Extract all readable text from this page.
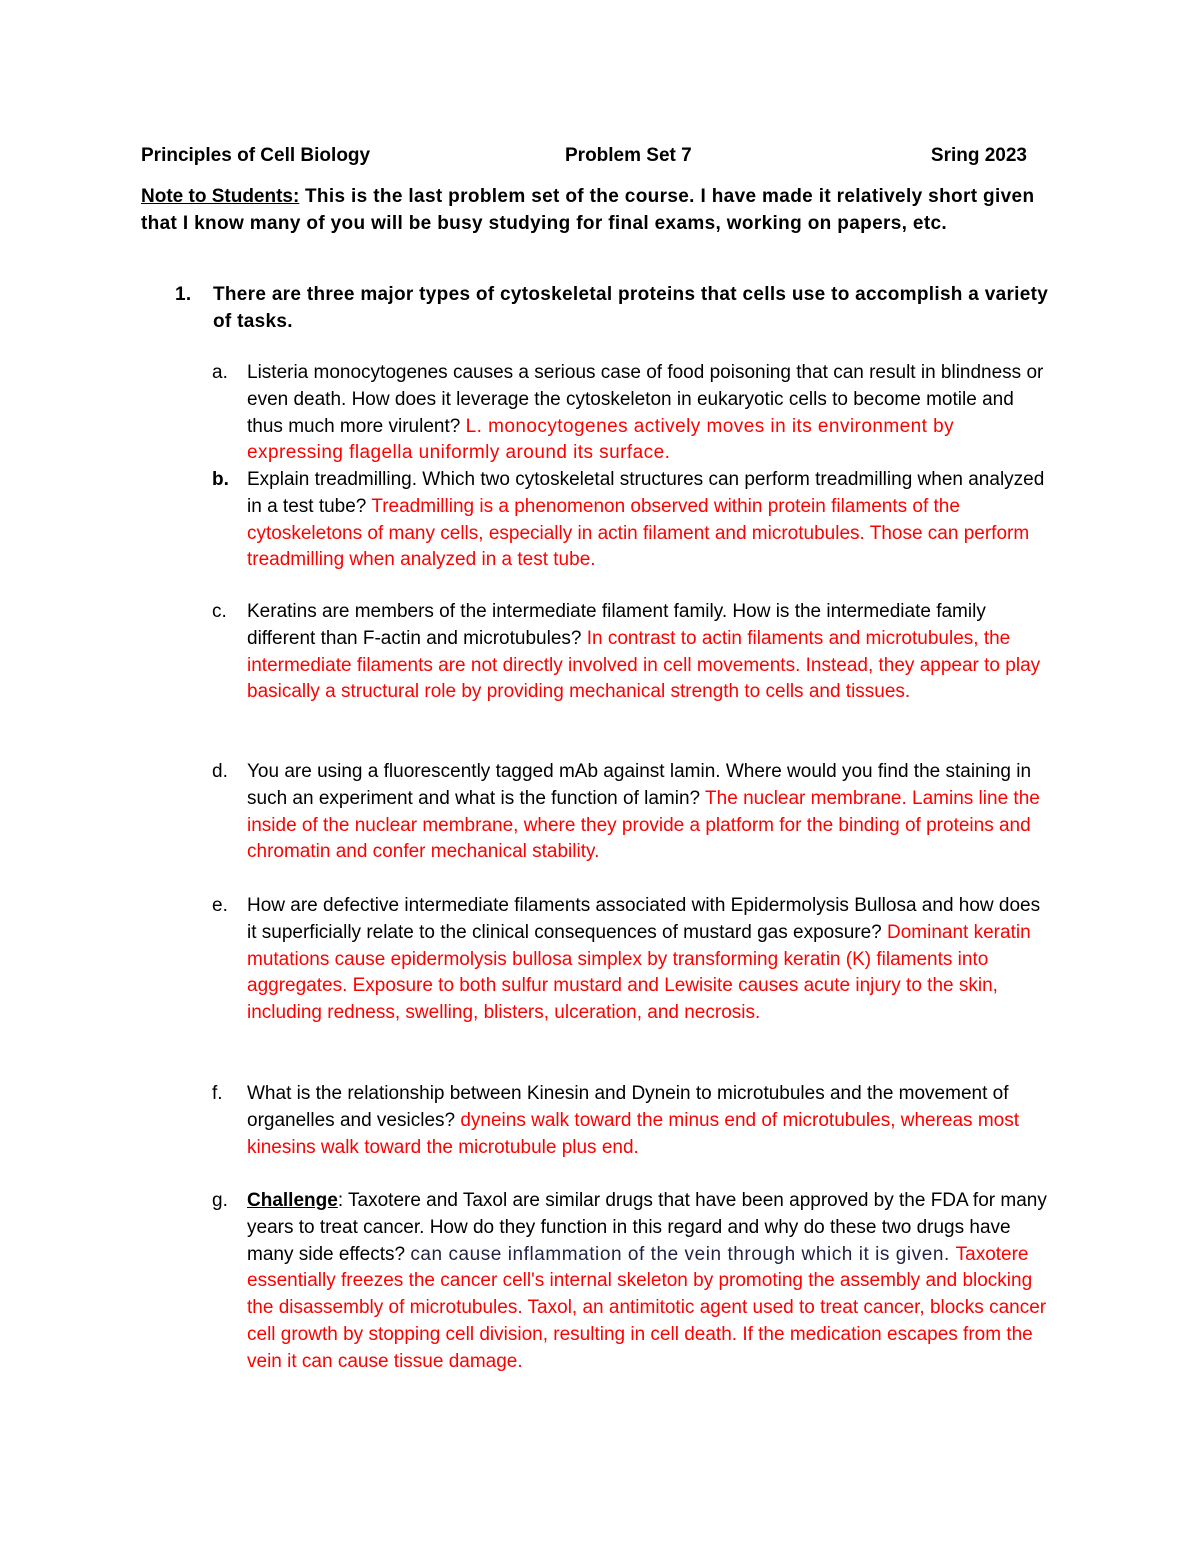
Principles of Cell Biology	Problem Set 7	Sring 2023
Note to Students: This is the last problem set of the course. I have made it relatively short given that I know many of you will be busy studying for final exams, working on papers, etc.
1. There are three major types of cytoskeletal proteins that cells use to accomplish a variety of tasks.
a. Listeria monocytogenes causes a serious case of food poisoning that can result in blindness or even death. How does it leverage the cytoskeleton in eukaryotic cells to become motile and thus much more virulent? L. monocytogenes actively moves in its environment by expressing flagella uniformly around its surface.
b. Explain treadmilling. Which two cytoskeletal structures can perform treadmilling when analyzed in a test tube? Treadmilling is a phenomenon observed within protein filaments of the cytoskeletons of many cells, especially in actin filament and microtubules. Those can perform treadmilling when analyzed in a test tube.
c. Keratins are members of the intermediate filament family. How is the intermediate family different than F-actin and microtubules? In contrast to actin filaments and microtubules, the intermediate filaments are not directly involved in cell movements. Instead, they appear to play basically a structural role by providing mechanical strength to cells and tissues.
d. You are using a fluorescently tagged mAb against lamin. Where would you find the staining in such an experiment and what is the function of lamin? The nuclear membrane. Lamins line the inside of the nuclear membrane, where they provide a platform for the binding of proteins and chromatin and confer mechanical stability.
e. How are defective intermediate filaments associated with Epidermolysis Bullosa and how does it superficially relate to the clinical consequences of mustard gas exposure? Dominant keratin mutations cause epidermolysis bullosa simplex by transforming keratin (K) filaments into aggregates. Exposure to both sulfur mustard and Lewisite causes acute injury to the skin, including redness, swelling, blisters, ulceration, and necrosis.
f. What is the relationship between Kinesin and Dynein to microtubules and the movement of organelles and vesicles? dyneins walk toward the minus end of microtubules, whereas most kinesins walk toward the microtubule plus end.
g. Challenge: Taxotere and Taxol are similar drugs that have been approved by the FDA for many years to treat cancer. How do they function in this regard and why do these two drugs have many side effects? can cause inflammation of the vein through which it is given. Taxotere essentially freezes the cancer cell's internal skeleton by promoting the assembly and blocking the disassembly of microtubules. Taxol, an antimitotic agent used to treat cancer, blocks cancer cell growth by stopping cell division, resulting in cell death. If the medication escapes from the vein it can cause tissue damage.
